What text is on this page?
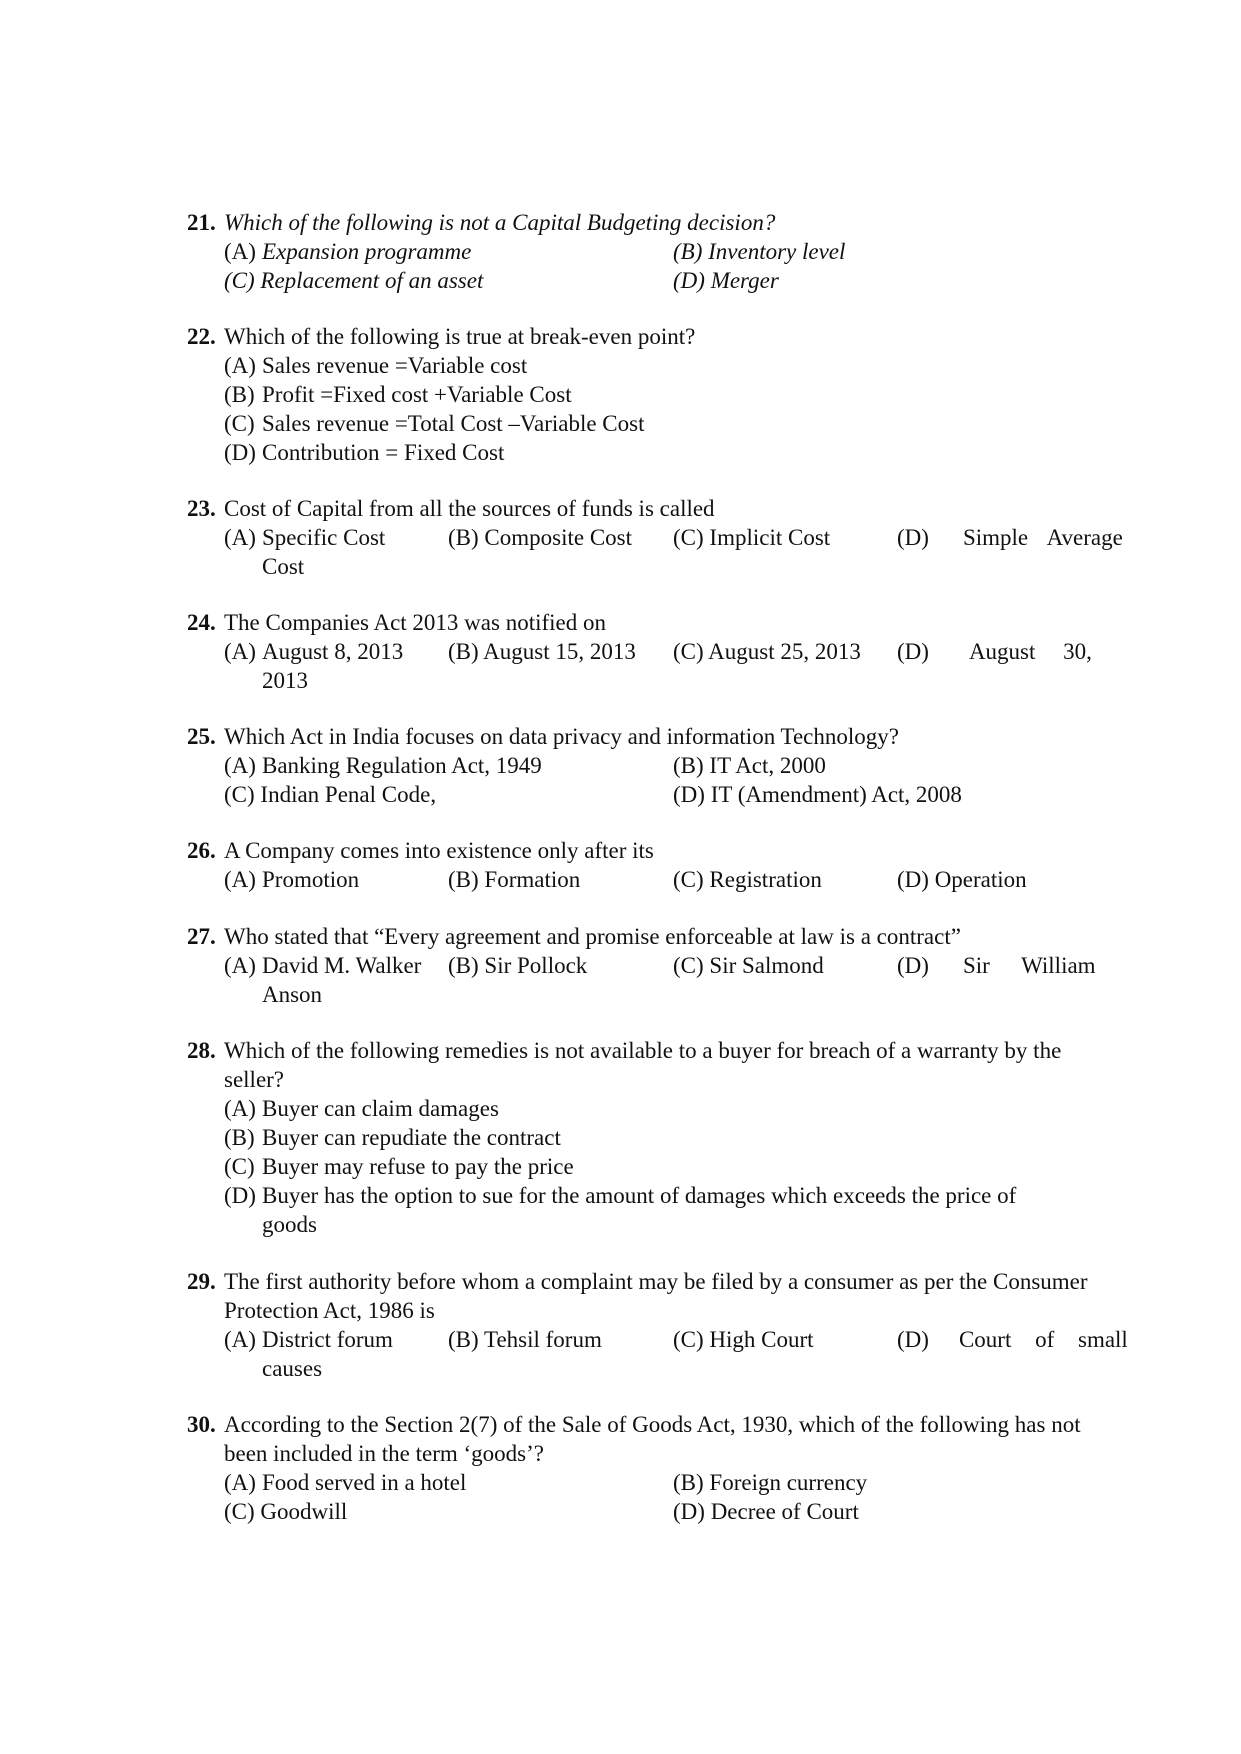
21. Which of the following is not a Capital Budgeting decision?
(A) Expansion programme	(B) Inventory level
(C) Replacement of an asset	(D) Merger
22. Which of the following is true at break-even point?
(A) Sales revenue =Variable cost
(B) Profit =Fixed cost +Variable Cost
(C) Sales revenue =Total Cost –Variable Cost
(D) Contribution = Fixed Cost
23. Cost of Capital from all the sources of funds is called
(A) Specific Cost	(B) Composite Cost (C) Implicit Cost	(D) Simple Average
Cost
24. The Companies Act 2013 was notified on
(A) August 8, 2013 (B) August 15, 2013 (C) August 25, 2013 (D) August 30,
2013
25. Which Act in India focuses on data privacy and information Technology?
(A) Banking Regulation Act, 1949	(B) IT Act, 2000
(C) Indian Penal Code,	(D) IT (Amendment) Act, 2008
26. A Company comes into existence only after its
(A) Promotion	(B) Formation	(C) Registration	(D) Operation
27. Who stated that “Every agreement and promise enforceable at law is a contract”
(A) David M. Walker (B) Sir Pollock	(C) Sir Salmond	(D) Sir William
Anson
28. Which of the following remedies is not available to a buyer for breach of a warranty by the seller?
(A) Buyer can claim damages
(B) Buyer can repudiate the contract
(C) Buyer may refuse to pay the price
(D) Buyer has the option to sue for the amount of damages which exceeds the price of
goods
29. The first authority before whom a complaint may be filed by a consumer as per the Consumer Protection Act, 1986 is
(A) District forum (B) Tehsil forum	(C) High Court	(D) Court of small
causes
30. According to the Section 2(7) of the Sale of Goods Act, 1930, which of the following has not been included in the term ‘goods’?
(A) Food served in a hotel	(B) Foreign currency
(C) Goodwill	(D) Decree of Court
